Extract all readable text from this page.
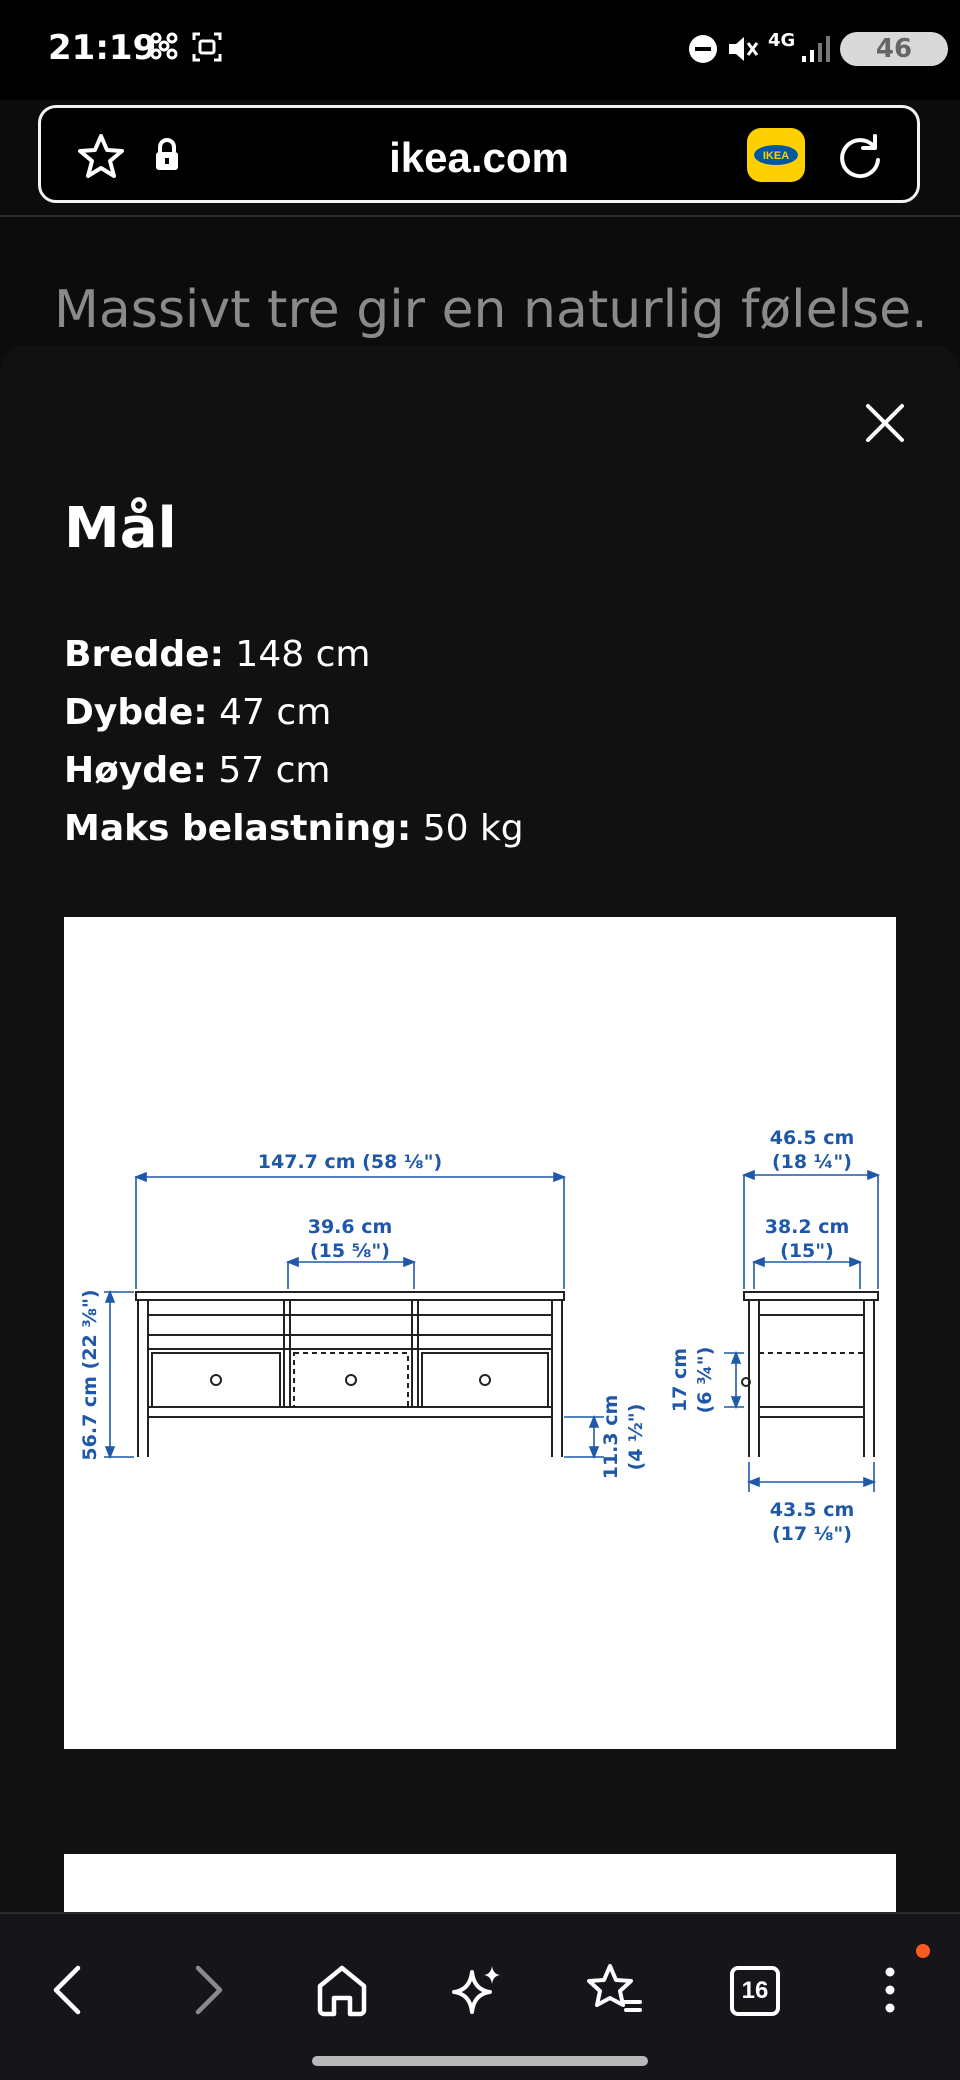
21:19	4G	46
ikea.com	IKEA
Massivt tre gir en naturlig følelse.
Mål
Bredde: 148 cm
Dybde: 47 cm
Høyde: 57 cm
Maks belastning: 50 kg
147.7 cm (58 ⅛")
39.6 cm
(15 ⅝")
56.7 cm (22 ⅜")	11.3 cm (4 ½")
46.5 cm
(18 ¼")
38.2 cm
(15")
17 cm (6 ¾")
43.5 cm
(17 ⅛")
16
